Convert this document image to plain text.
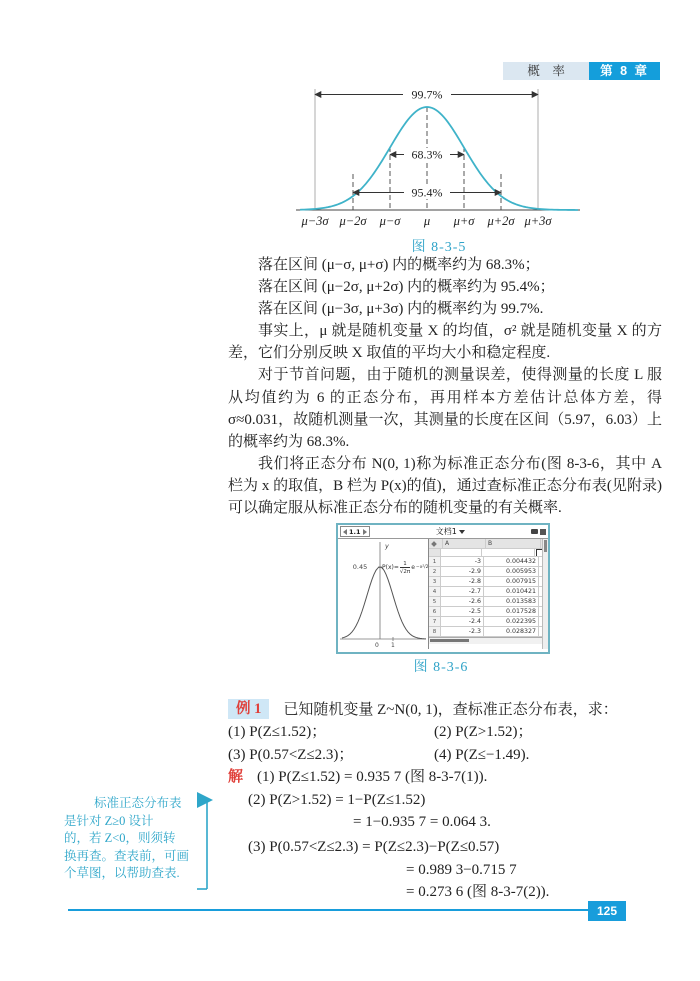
概　率	第 8 章
99.7%
68.3%
95.4%
μ−3σ μ−2σ μ−σ μ μ+σ μ+2σ μ+3σ
图 8-3-5

落在区间 (μ−σ, μ+σ) 内的概率约为 68.3%；

落在区间 (μ−2σ, μ+2σ) 内的概率约为 95.4%；

落在区间 (μ−3σ, μ+3σ) 内的概率约为 99.7%.

事实上，μ 就是随机变量 X 的均值，σ² 就是随机变量 X 的方差，它们分别反映 X 取值的平均大小和稳定程度.

对于节首问题，由于随机的测量误差，使得测量的长度 L 服从均值约为 6 的正态分布，再用样本方差估计总体方差，得 σ≈0.031，故随机测量一次，其测量的长度在区间（5.97，6.03）上的概率约为 68.3%.

我们将正态分布 N(0, 1)称为标准正态分布(图 8-3-6，其中 A 栏为 x 的取值，B 栏为 P(x)的值)，通过查标准正态分布表(见附录)可以确定服从标准正态分布的随机变量的有关概率.

1.1	文档1
0.45
y
0 1
$P(x)= \frac{1}{√2\pi}$ e −x²/2
A	B
1	-3	0.004432
2	-2.9	0.005953
3	-2.8	0.007915
4	-2.7	0.010421
5	-2.6	0.013583
6	-2.5	0.017528
7	-2.4	0.022395
8	-2.3	0.028327
图 8-3-6
例 1	已知随机变量 Z~N(0, 1)，查标准正态分布表，求：
(1) P(Z≤1.52)；	(2) P(Z>1.52)；
(3) P(0.57<Z≤2.3)；	(4) P(Z≤−1.49).
解 (1) P(Z≤1.52) = 0.935 7 (图 8-3-7(1)).
(2) P(Z>1.52) = 1−P(Z≤1.52)
= 1−0.935 7 = 0.064 3.
(3) P(0.57<Z≤2.3) = P(Z≤2.3)−P(Z≤0.57)
= 0.989 3−0.715 7
= 0.273 6 (图 8-3-7(2)).
标准正态分布表
是针对 Z≥0 设计
的，若 Z<0，则须转
换再查。查表前，可画
个草图，以帮助查表.
125
